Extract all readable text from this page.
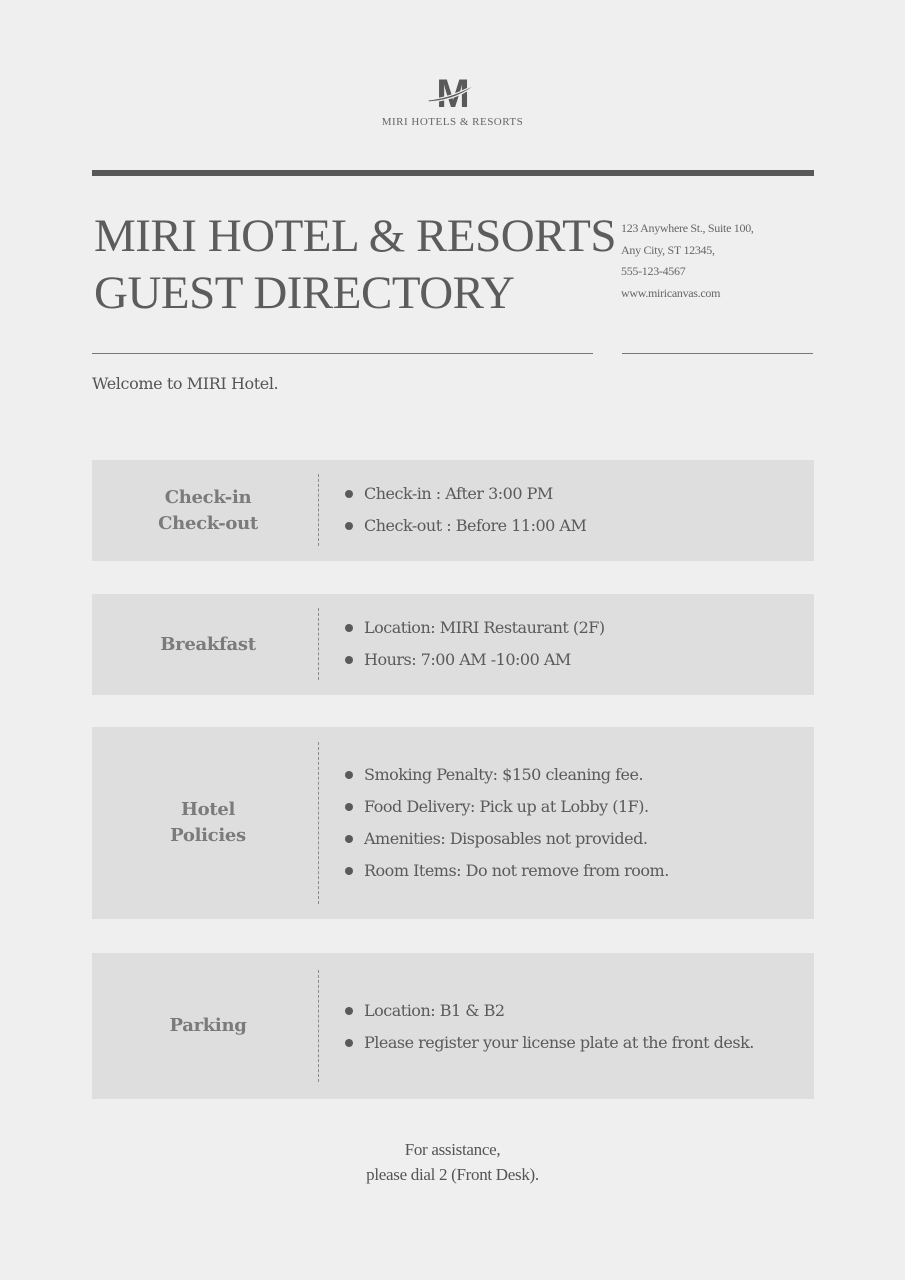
M
MIRI HOTELS & RESORTS
MIRI HOTEL & RESORTS
GUEST DIRECTORY
123 Anywhere St., Suite 100,
Any City, ST 12345,
555-123-4567
www.miricanvas.com
Welcome to MIRI Hotel.
Check-in
Check-out
Check-in : After 3:00 PM
Check-out : Before 11:00 AM
Breakfast
Location: MIRI Restaurant (2F)
Hours: 7:00 AM -10:00 AM
Hotel
Policies
Smoking Penalty: $150 cleaning fee.
Food Delivery: Pick up at Lobby (1F).
Amenities: Disposables not provided.
Room Items: Do not remove from room.
Parking
Location: B1 & B2
Please register your license plate at the front desk.
For assistance,
please dial 2 (Front Desk).
